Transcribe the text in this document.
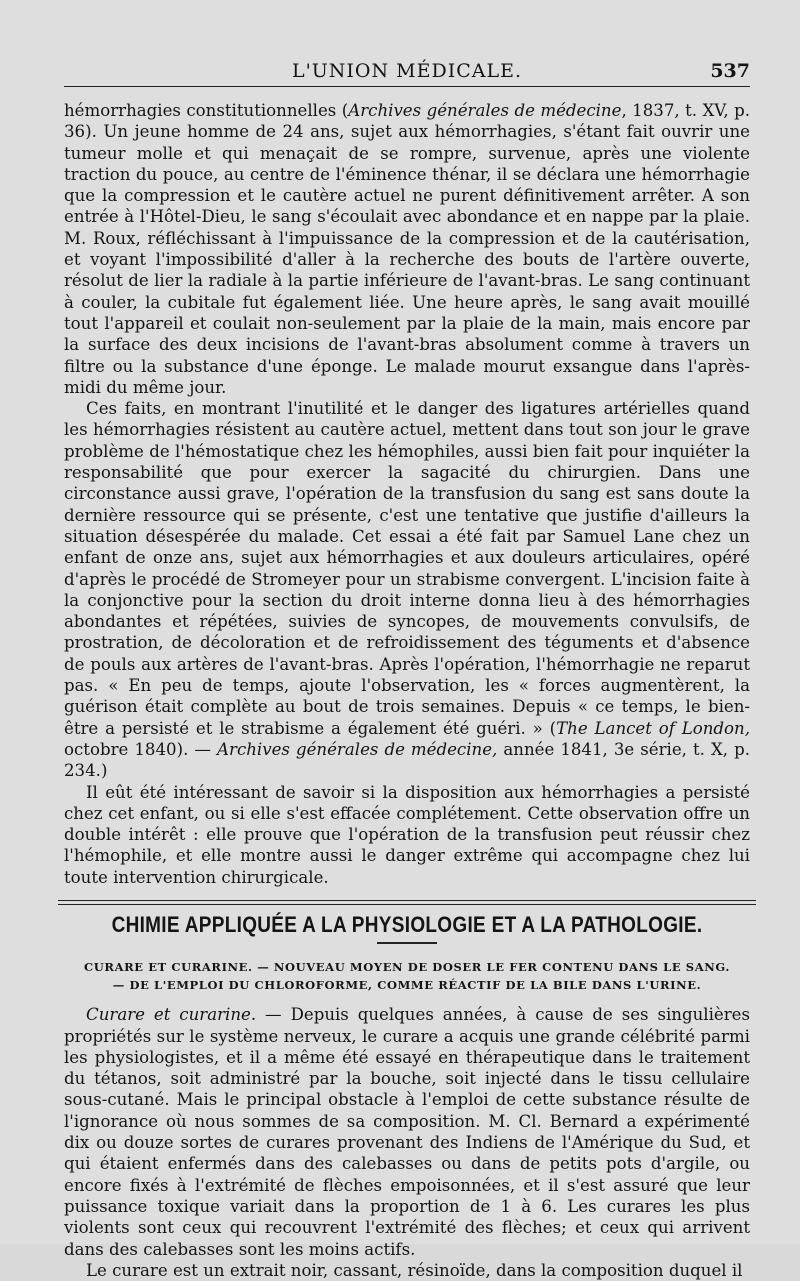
L'UNION MÉDICALE.	537

hémorrhagies constitutionnelles (Archives générales de médecine, 1837, t. XV, p. 36). Un jeune homme de 24 ans, sujet aux hémorrhagies, s'étant fait ouvrir une tumeur molle et qui menaçait de se rompre, survenue, après une violente traction du pouce, au centre de l'éminence thénar, il se déclara une hémorrhagie que la compression et le cautère actuel ne purent définitivement arrêter. A son entrée à l'Hôtel-Dieu, le sang s'écoulait avec abondance et en nappe par la plaie. M. Roux, réfléchissant à l'impuissance de la compression et de la cautérisation, et voyant l'impossibilité d'aller à la recherche des bouts de l'artère ouverte, résolut de lier la radiale à la partie inférieure de l'avant-bras. Le sang continuant à couler, la cubitale fut également liée. Une heure après, le sang avait mouillé tout l'appareil et coulait non-seulement par la plaie de la main, mais encore par la surface des deux incisions de l'avant-bras absolument comme à travers un filtre ou la substance d'une éponge. Le malade mourut exsangue dans l'après-midi du même jour.

Ces faits, en montrant l'inutilité et le danger des ligatures artérielles quand les hémorrhagies résistent au cautère actuel, mettent dans tout son jour le grave problème de l'hémostatique chez les hémophiles, aussi bien fait pour inquiéter la responsabilité que pour exercer la sagacité du chirurgien. Dans une circonstance aussi grave, l'opération de la transfusion du sang est sans doute la dernière ressource qui se présente, c'est une tentative que justifie d'ailleurs la situation désespérée du malade. Cet essai a été fait par Samuel Lane chez un enfant de onze ans, sujet aux hémorrhagies et aux douleurs articulaires, opéré d'après le procédé de Stromeyer pour un strabisme convergent. L'incision faite à la conjonctive pour la section du droit interne donna lieu à des hémorrhagies abondantes et répétées, suivies de syncopes, de mouvements convulsifs, de prostration, de décoloration et de refroidissement des téguments et d'absence de pouls aux artères de l'avant-bras. Après l'opération, l'hémorrhagie ne reparut pas. « En peu de temps, ajoute l'observation, les « forces augmentèrent, la guérison était complète au bout de trois semaines. Depuis « ce temps, le bien-être a persisté et le strabisme a également été guéri. » (The Lancet of London, octobre 1840). — Archives générales de médecine, année 1841, 3e série, t. X, p. 234.)

Il eût été intéressant de savoir si la disposition aux hémorrhagies a persisté chez cet enfant, ou si elle s'est effacée complétement. Cette observation offre un double intérêt : elle prouve que l'opération de la transfusion peut réussir chez l'hémophile, et elle montre aussi le danger extrême qui accompagne chez lui toute intervention chirurgicale.

CHIMIE APPLIQUÉE A LA PHYSIOLOGIE ET A LA PATHOLOGIE.
CURARE ET CURARINE. — NOUVEAU MOYEN DE DOSER LE FER CONTENU DANS LE SANG.
— DE L'EMPLOI DU CHLOROFORME, COMME RÉACTIF DE LA BILE DANS L'URINE.

Curare et curarine. — Depuis quelques années, à cause de ses singulières propriétés sur le système nerveux, le curare a acquis une grande célébrité parmi les physiologistes, et il a même été essayé en thérapeutique dans le traitement du tétanos, soit administré par la bouche, soit injecté dans le tissu cellulaire sous-cutané. Mais le principal obstacle à l'emploi de cette substance résulte de l'ignorance où nous sommes de sa composition. M. Cl. Bernard a expérimenté dix ou douze sortes de curares provenant des Indiens de l'Amérique du Sud, et qui étaient enfermés dans des calebasses ou dans de petits pots d'argile, ou encore fixés à l'extrémité de flèches empoisonnées, et il s'est assuré que leur puissance toxique variait dans la proportion de 1 à 6. Les curares les plus violents sont ceux qui recouvrent l'extrémité des flèches; et ceux qui arrivent dans des calebasses sont les moins actifs.

Le curare est un extrait noir, cassant, résinoïde, dans la composition duquel il
